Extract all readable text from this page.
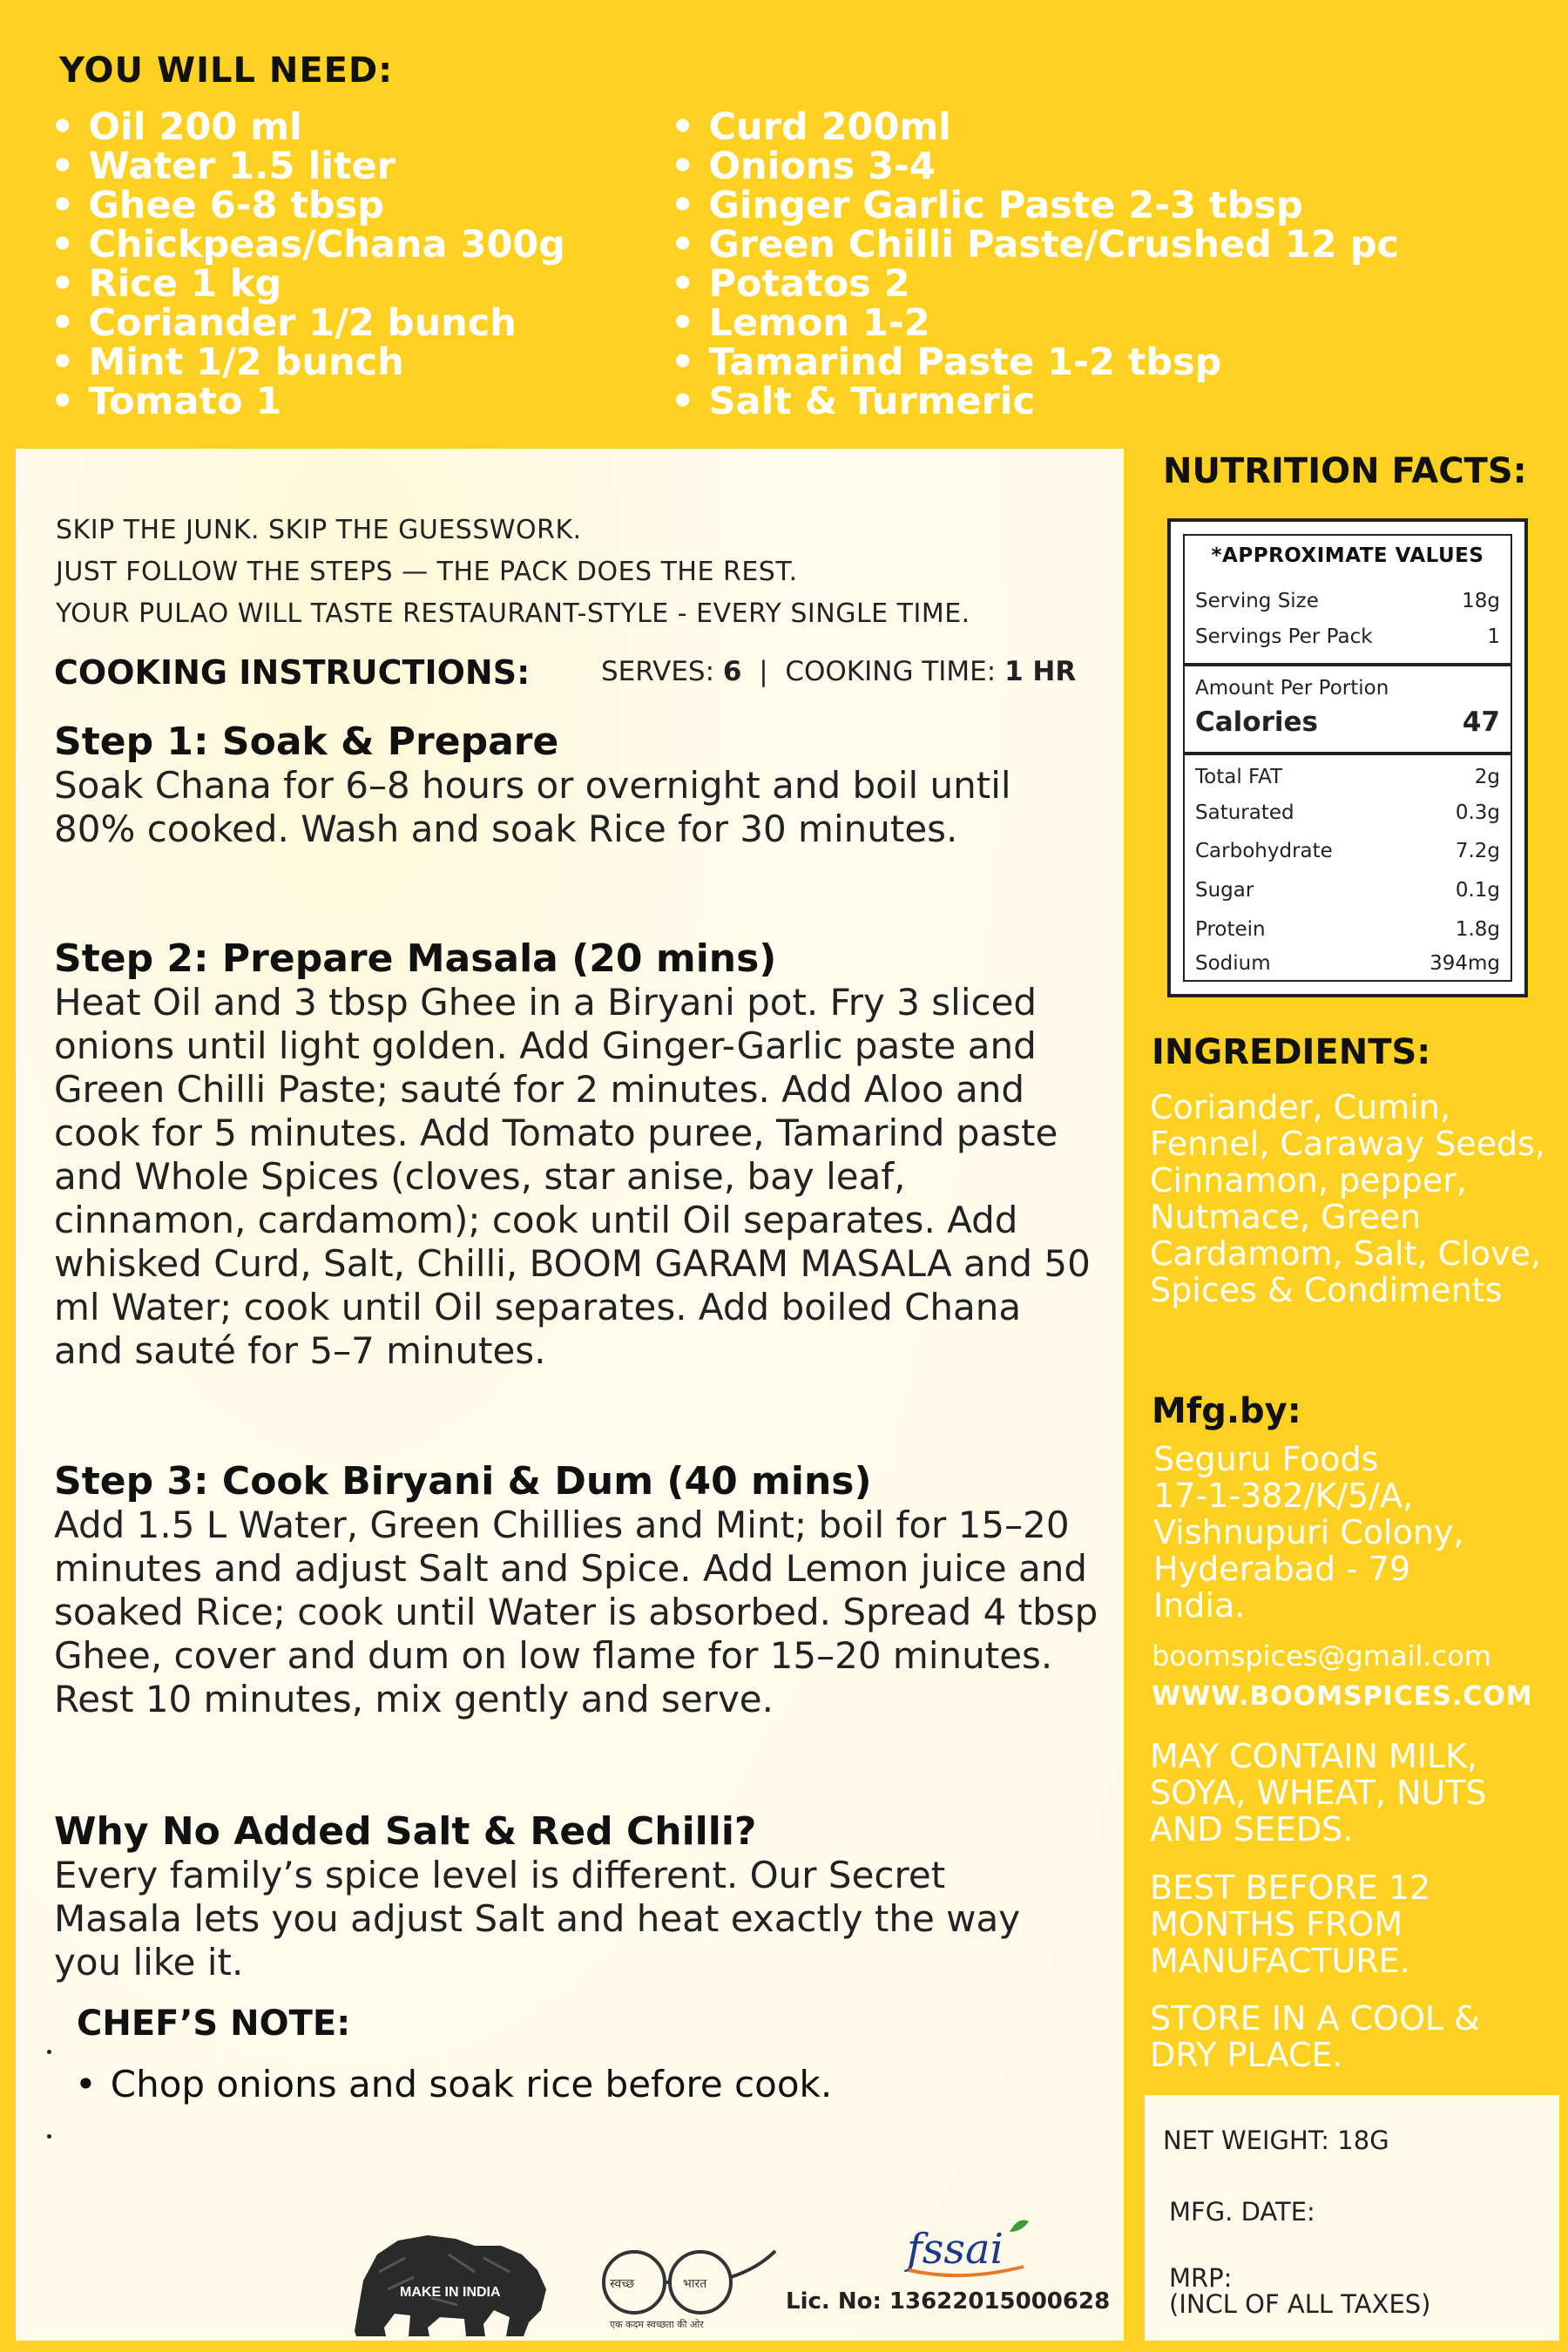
YOU WILL NEED:
• Oil 200 ml
• Water 1.5 liter
• Ghee 6-8 tbsp
• Chickpeas/Chana 300g
• Rice 1 kg
• Coriander 1/2 bunch
• Mint 1/2 bunch
• Tomato 1
• Curd 200ml
• Onions 3-4
• Ginger Garlic Paste 2-3 tbsp
• Green Chilli Paste/Crushed 12 pc
• Potatos 2
• Lemon 1-2
• Tamarind Paste 1-2 tbsp
• Salt & Turmeric
SKIP THE JUNK. SKIP THE GUESSWORK.
JUST FOLLOW THE STEPS — THE PACK DOES THE REST.
YOUR PULAO WILL TASTE RESTAURANT-STYLE - EVERY SINGLE TIME.
COOKING INSTRUCTIONS:	SERVES: 6 | COOKING TIME: 1 HR
Step 1: Soak & Prepare
Soak Chana for 6–8 hours or overnight and boil until 80% cooked. Wash and soak Rice for 30 minutes.
Step 2: Prepare Masala (20 mins)
Heat Oil and 3 tbsp Ghee in a Biryani pot. Fry 3 sliced onions until light golden. Add Ginger-Garlic paste and Green Chilli Paste; sauté for 2 minutes. Add Aloo and cook for 5 minutes. Add Tomato puree, Tamarind paste and Whole Spices (cloves, star anise, bay leaf, cinnamon, cardamom); cook until Oil separates. Add whisked Curd, Salt, Chilli, BOOM GARAM MASALA and 50 ml Water; cook until Oil separates. Add boiled Chana and sauté for 5–7 minutes.
Step 3: Cook Biryani & Dum (40 mins)
Add 1.5 L Water, Green Chillies and Mint; boil for 15–20 minutes and adjust Salt and Spice. Add Lemon juice and soaked Rice; cook until Water is absorbed. Spread 4 tbsp Ghee, cover and dum on low flame for 15–20 minutes. Rest 10 minutes, mix gently and serve.
Why No Added Salt & Red Chilli?
Every family’s spice level is different. Our Secret Masala lets you adjust Salt and heat exactly the way you like it.
CHEF’S NOTE:
• Chop onions and soak rice before cook.
MAKE IN INDIA
स्वच्छ	भारत
एक कदम स्वच्छता की ओर
fssai
Lic. No: 13622015000628
NUTRITION FACTS:
*APPROXIMATE VALUES
Serving Size	18g
Servings Per Pack	1
Amount Per Portion
Calories	47
Total FAT	2g
Saturated	0.3g
Carbohydrate	7.2g
Sugar	0.1g
Protein	1.8g
Sodium	394mg
INGREDIENTS:
Coriander, Cumin, Fennel, Caraway Seeds, Cinnamon, pepper, Nutmace, Green Cardamom, Salt, Clove, Spices & Condiments
Mfg.by:
Seguru Foods
17-1-382/K/5/A,
Vishnupuri Colony,
Hyderabad - 79
India.
boomspices@gmail.com
WWW.BOOMSPICES.COM
MAY CONTAIN MILK, SOYA, WHEAT, NUTS AND SEEDS.
BEST BEFORE 12 MONTHS FROM MANUFACTURE.
STORE IN A COOL & DRY PLACE.
NET WEIGHT: 18G
MFG. DATE:
MRP:
(INCL OF ALL TAXES)
